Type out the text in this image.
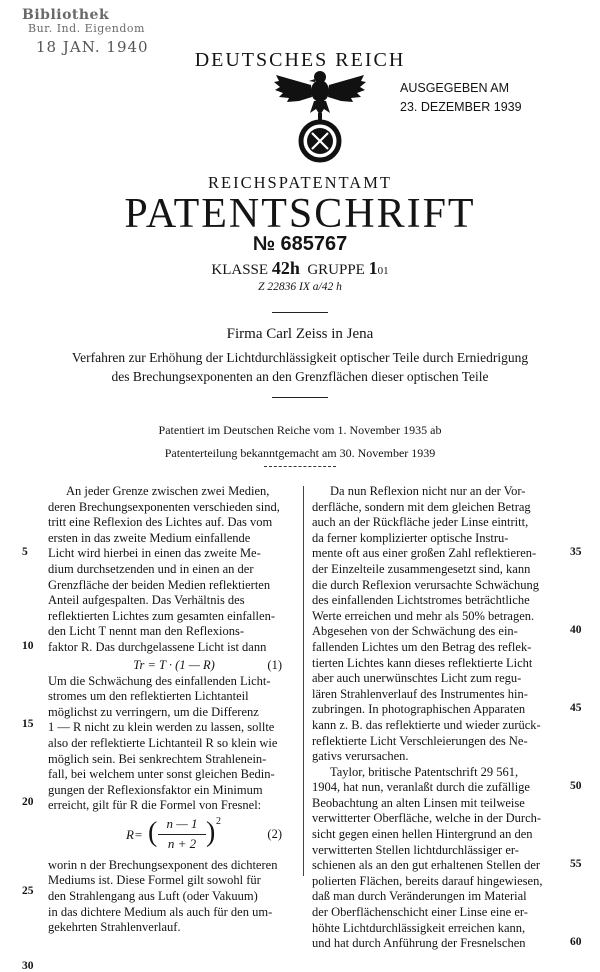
Bibliothek
Bur. Ind. Eigendom
18 JAN. 1940
DEUTSCHES REICH
AUSGEGEBEN AM
23. DEZEMBER 1939
REICHSPATENTAMT
PATENTSCHRIFT
№ 685767
KLASSE 42h GRUPPE 101
Z 22836 IX a/42 h
Firma Carl Zeiss in Jena
Verfahren zur Erhöhung der Lichtdurchlässigkeit optischer Teile durch Erniedrigung
des Brechungsexponenten an den Grenzflächen dieser optischen Teile
Patentiert im Deutschen Reiche vom 1. November 1935 ab
Patenterteilung bekanntgemacht am 30. November 1939
An jeder Grenze zwischen zwei Medien,
deren Brechungsexponenten verschieden sind,
tritt eine Reflexion des Lichtes auf. Das vom
ersten in das zweite Medium einfallende
Licht wird hierbei in einen das zweite Me-
dium durchsetzenden und in einen an der
Grenzfläche der beiden Medien reflektierten
Anteil aufgespalten. Das Verhältnis des
reflektierten Lichtes zum gesamten einfallen-
den Licht T nennt man den Reflexions-
faktor R. Das durchgelassene Licht ist dann
Tr = T · (1 — R)	(1)
Um die Schwächung des einfallenden Licht-
stromes um den reflektierten Lichtanteil
möglichst zu verringern, um die Differenz
1 — R nicht zu klein werden zu lassen, sollte
also der reflektierte Lichtanteil R so klein wie
möglich sein. Bei senkrechtem Strahlenein-
fall, bei welchem unter sonst gleichen Bedin-
gungen der Reflexionsfaktor ein Minimum
erreicht, gilt für R die Formel von Fresnel:
R= ( n — 1
n + 2 ) 2
(2)
worin n der Brechungsexponent des dichteren
Mediums ist. Diese Formel gilt sowohl für
den Strahlengang aus Luft (oder Vakuum)
in das dichtere Medium als auch für den um-
gekehrten Strahlenverlauf.
Da nun Reflexion nicht nur an der Vor-
derfläche, sondern mit dem gleichen Betrag
auch an der Rückfläche jeder Linse eintritt,
da ferner komplizierter optische Instru-
mente oft aus einer großen Zahl reflektieren-
der Einzelteile zusammengesetzt sind, kann
die durch Reflexion verursachte Schwächung
des einfallenden Lichtstromes beträchtliche
Werte erreichen und mehr als 50% betragen.
Abgesehen von der Schwächung des ein-
fallenden Lichtes um den Betrag des reflek-
tierten Lichtes kann dieses reflektierte Licht
aber auch unerwünschtes Licht zum regu-
lären Strahlenverlauf des Instrumentes hin-
zubringen. In photographischen Apparaten
kann z. B. das reflektierte und wieder zurück-
reflektierte Licht Verschleierungen des Ne-
gativs verursachen.
Taylor, britische Patentschrift 29 561,
1904, hat nun, veranlaßt durch die zufällige
Beobachtung an alten Linsen mit teilweise
verwitterter Oberfläche, welche in der Durch-
sicht gegen einen hellen Hintergrund an den
verwitterten Stellen lichtdurchlässiger er-
schienen als an den gut erhaltenen Stellen der
polierten Flächen, bereits darauf hingewiesen,
daß man durch Veränderungen im Material
der Oberflächenschicht einer Linse eine er-
höhte Lichtdurchlässigkeit erreichen kann,
und hat durch Anführung der Fresnelschen
5
10
15
20
25
30
35
40
45
50
55
60
